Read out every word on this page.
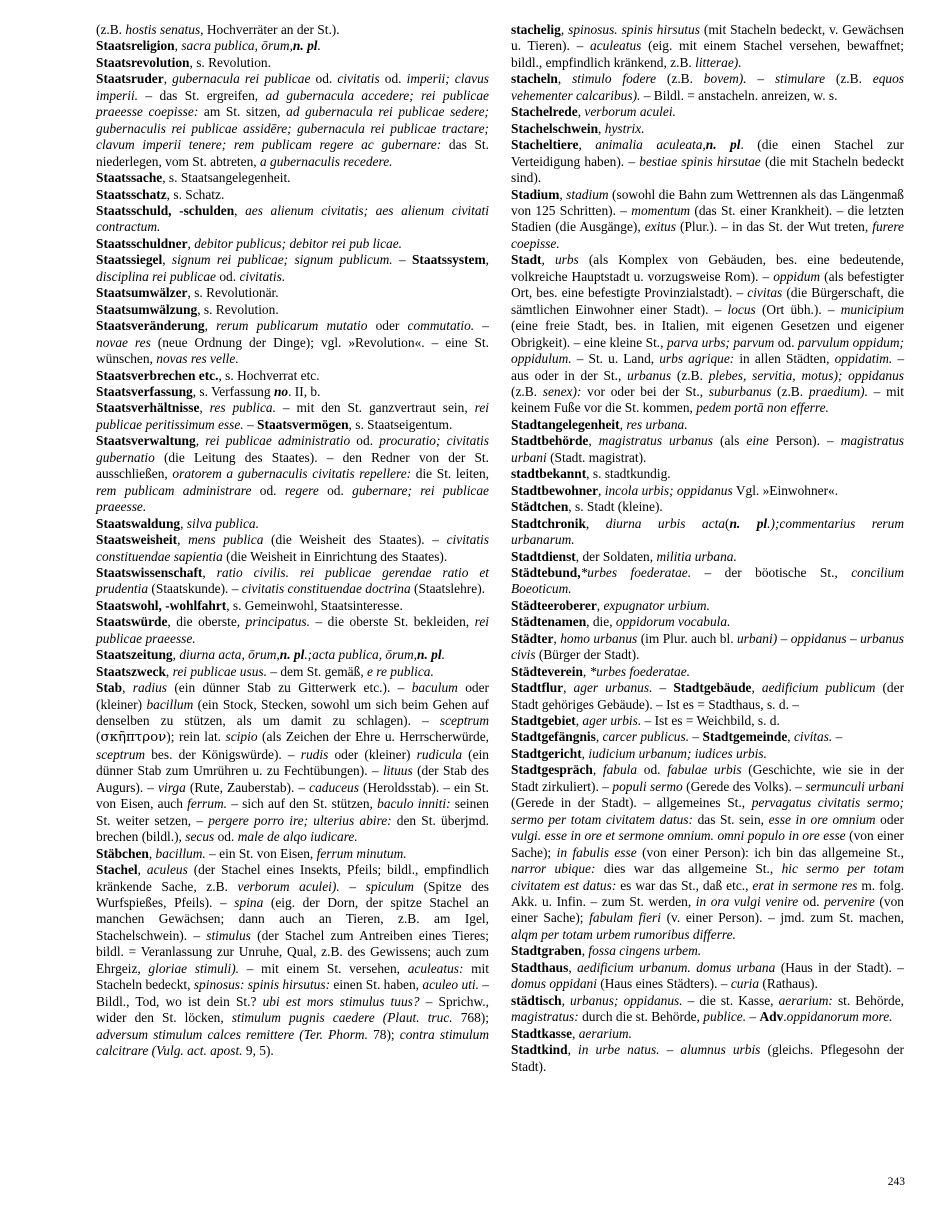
(z.B. hostis senatus, Hochverräter an der St.).

Staatsreligion, sacra publica, ōrum,n. pl.

Staatsrevolution, s. Revolution.

Staatsruder, gubernacula rei publicae od. civitatis od. imperii; clavus imperii. – das St. ergreifen, ad gubernacula accedere; rei publicae praeesse coepisse: am St. sitzen, ad gubernacula rei publicae sedere; gubernaculis rei publicae assidēre; gubernacula rei publicae tractare; clavum imperii tenere; rem publicam regere ac gubernare: das St. niederlegen, vom St. abtreten, a gubernaculis recedere.

Staatssache, s. Staatsangelegenheit.

Staatsschatz, s. Schatz.

Staatsschuld, -schulden, aes alienum civitatis; aes alienum civitati contractum.

Staatsschuldner, debitor publicus; debitor rei pub licae.

Staatssiegel, signum rei publicae; signum publicum. – Staatssystem, disciplina rei publicae od. civitatis.

Staatsumwälzer, s. Revolutionär.

Staatsumwälzung, s. Revolution.

Staatsveränderung, rerum publicarum mutatio oder commutatio. – novae res (neue Ordnung der Dinge); vgl. »Revolution«. – eine St. wünschen, novas res velle.

Staatsverbrechen etc., s. Hochverrat etc.

Staatsverfassung, s. Verfassung no. II, b.

Staatsverhältnisse, res publica. – mit den St. ganzvertraut sein, rei publicae peritissimum esse. – Staatsvermögen, s. Staatseigentum.

Staatsverwaltung, rei publicae administratio od. procuratio; civitatis gubernatio (die Leitung des Staates). – den Redner von der St. ausschließen, oratorem a gubernaculis civitatis repellere: die St. leiten, rem publicam administrare od. regere od. gubernare; rei publicae praeesse.

Staatswaldung, silva publica.

Staatsweisheit, mens publica (die Weisheit des Staates). – civitatis constituendae sapientia (die Weisheit in Einrichtung des Staates).

Staatswissenschaft, ratio civilis. rei publicae gerendae ratio et prudentia (Staatskunde). – civitatis constituendae doctrina (Staatslehre).

Staatswohl, -wohlfahrt, s. Gemeinwohl, Staatsinteresse.

Staatswürde, die oberste, principatus. – die oberste St. bekleiden, rei publicae praeesse.

Staatszeitung, diurna acta, ōrum,n. pl.;acta publica, ōrum,n. pl.

Staatszweck, rei publicae usus. – dem St. gemäß, e re publica.

Stab, radius (ein dünner Stab zu Gitterwerk etc.). – baculum oder (kleiner) bacillum (ein Stock, Stecken, sowohl um sich beim Gehen auf denselben zu stützen, als um damit zu schlagen). – sceptrum (σκῆπτρον); rein lat. scipio (als Zeichen der Ehre u. Herrscherwürde, sceptrum bes. der Königswürde). – rudis oder (kleiner) rudicula (ein dünner Stab zum Umrühren u. zu Fechtübungen). – lituus (der Stab des Augurs). – virga (Rute, Zauberstab). – caduceus (Heroldsstab). – ein St. von Eisen, auch ferrum. – sich auf den St. stützen, baculo inniti: seinen St. weiter setzen, – pergere porro ire; ulterius abire: den St. überjmd. brechen (bildl.), secus od. male de alqo iudicare.

Stäbchen, bacillum. – ein St. von Eisen, ferrum minutum.

Stachel, aculeus (der Stachel eines Insekts, Pfeils; bildl., empfindlich kränkende Sache, z.B. verborum aculei). – spiculum (Spitze des Wurfspießes, Pfeils). – spina (eig. der Dorn, der spitze Stachel an manchen Gewächsen; dann auch an Tieren, z.B. am Igel, Stachelschwein). – stimulus (der Stachel zum Antreiben eines Tieres; bildl. = Veranlassung zur Unruhe, Qual, z.B. des Gewissens; auch zum Ehrgeiz, gloriae stimuli). – mit einem St. versehen, aculeatus: mit Stacheln bedeckt, spinosus: spinis hirsutus: einen St. haben, aculeo uti. – Bildl., Tod, wo ist dein St.? ubi est mors stimulus tuus? – Sprichw., wider den St. löcken, stimulum pugnis caedere (Plaut. truc. 768); adversum stimulum calces remittere (Ter. Phorm. 78); contra stimulum calcitrare (Vulg. act. apost. 9, 5).

stachelig, spinosus. spinis hirsutus (mit Stacheln bedeckt, v. Gewächsen u. Tieren). – aculeatus (eig. mit einem Stachel versehen, bewaffnet; bildl., empfindlich kränkend, z.B. litterae).

stacheln, stimulo fodere (z.B. bovem). – stimulare (z.B. equos vehementer calcaribus). – Bildl. = anstacheln. anreizen, w. s.

Stachelrede, verborum aculei.

Stachelschwein, hystrix.

Stacheltiere, animalia aculeata,n. pl. (die einen Stachel zur Verteidigung haben). – bestiae spinis hirsutae (die mit Stacheln bedeckt sind).

Stadium, stadium (sowohl die Bahn zum Wettrennen als das Längenmaß von 125 Schritten). – momentum (das St. einer Krankheit). – die letzten Stadien (die Ausgänge), exitus (Plur.). – in das St. der Wut treten, furere coepisse.

Stadt, urbs (als Komplex von Gebäuden, bes. eine bedeutende, volkreiche Hauptstadt u. vorzugsweise Rom). – oppidum (als befestigter Ort, bes. eine befestigte Provinzialstadt). – civitas (die Bürgerschaft, die sämtlichen Einwohner einer Stadt). – locus (Ort übh.). – municipium (eine freie Stadt, bes. in Italien, mit eigenen Gesetzen und eigener Obrigkeit). – eine kleine St., parva urbs; parvum od. parvulum oppidum; oppidulum. – St. u. Land, urbs agrique: in allen Städten, oppidatim. – aus oder in der St., urbanus (z.B. plebes, servitia, motus); oppidanus (z.B. senex): vor oder bei der St., suburbanus (z.B. praedium). – mit keinem Fuße vor die St. kommen, pedem portā non efferre.

Stadtangelegenheit, res urbana.

Stadtbehörde, magistratus urbanus (als eine Person). – magistratus urbani (Stadt. magistrat).

stadtbekannt, s. stadtkundig.

Stadtbewohner, incola urbis; oppidanus Vgl. »Einwohner«.

Städtchen, s. Stadt (kleine).

Stadtchronik, diurna urbis acta(n. pl.);commentarius rerum urbanarum.

Stadtdienst, der Soldaten, militia urbana.

Städtebund,*urbes foederatae. – der böotische St., concilium Boeoticum.

Städteeroberer, expugnator urbium.

Städtenamen, die, oppidorum vocabula.

Städter, homo urbanus (im Plur. auch bl. urbani) – oppidanus – urbanus civis (Bürger der Stadt).

Städteverein, *urbes foederatae.

Stadtflur, ager urbanus. – Stadtgebäude, aedificium publicum (der Stadt gehöriges Gebäude). – Ist es = Stadthaus, s. d. –

Stadtgebiet, ager urbis. – Ist es = Weichbild, s. d.

Stadtgefängnis, carcer publicus. – Stadtgemeinde, civitas. –

Stadtgericht, iudicium urbanum; iudices urbis.

Stadtgespräch, fabula od. fabulae urbis (Geschichte, wie sie in der Stadt zirkuliert). – populi sermo (Gerede des Volks). – sermunculi urbani (Gerede in der Stadt). – allgemeines St., pervagatus civitatis sermo; sermo per totam civitatem datus: das St. sein, esse in ore omnium oder vulgi. esse in ore et sermone omnium. omni populo in ore esse (von einer Sache); in fabulis esse (von einer Person): ich bin das allgemeine St., narror ubique: dies war das allgemeine St., hic sermo per totam civitatem est datus: es war das St., daß etc., erat in sermone res m. folg. Akk. u. Infin. – zum St. werden, in ora vulgi venire od. pervenire (von einer Sache); fabulam fieri (v. einer Person). – jmd. zum St. machen, alqm per totam urbem rumoribus differre.

Stadtgraben, fossa cingens urbem.

Stadthaus, aedificium urbanum. domus urbana (Haus in der Stadt). – domus oppidani (Haus eines Städters). – curia (Rathaus).

städtisch, urbanus; oppidanus. – die st. Kasse, aerarium: st. Behörde, magistratus: durch die st. Behörde, publice. – Adv.oppidanorum more.

Stadtkasse, aerarium.

Stadtkind, in urbe natus. – alumnus urbis (gleichs. Pflegesohn der Stadt).

243
